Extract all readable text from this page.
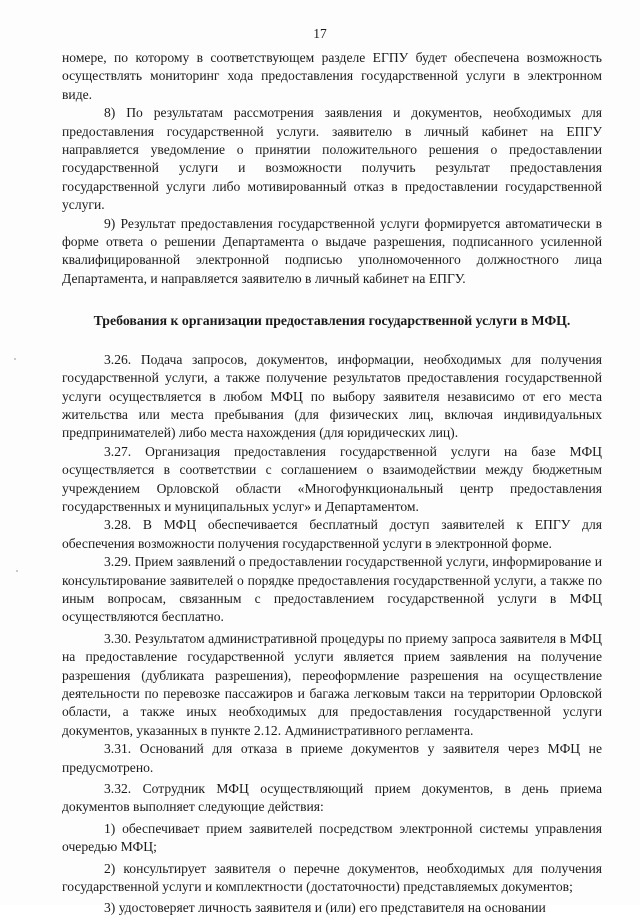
17

номере, по которому в соответствующем разделе ЕГПУ будет обеспечена возможность осуществлять мониторинг хода предоставления государственной услуги в электронном виде.

8) По результатам рассмотрения заявления и документов, необходимых для предоставления государственной услуги. заявителю в личный кабинет на ЕПГУ направляется уведомление о принятии положительного решения о предоставлении государственной услуги и возможности получить результат предоставления государственной услуги либо мотивированный отказ в предоставлении государственной услуги.

9) Результат предоставления государственной услуги формируется автоматически в форме ответа о решении Департамента о выдаче разрешения, подписанного усиленной квалифицированной электронной подписью уполномоченного должностного лица Департамента, и направляется заявителю в личный кабинет на ЕПГУ.

Требования к организации предоставления государственной услуги в МФЦ.

3.26. Подача запросов, документов, информации, необходимых для получения государственной услуги, а также получение результатов предоставления государственной услуги осуществляется в любом МФЦ по выбору заявителя независимо от его места жительства или места пребывания (для физических лиц, включая индивидуальных предпринимателей) либо места нахождения (для юридических лиц).

3.27. Организация предоставления государственной услуги на базе МФЦ осуществляется в соответствии с соглашением о взаимодействии между бюджетным учреждением Орловской области «Многофункциональный центр предоставления государственных и муниципальных услуг» и Департаментом.

3.28. В МФЦ обеспечивается бесплатный доступ заявителей к ЕПГУ для обеспечения возможности получения государственной услуги в электронной форме.

3.29. Прием заявлений о предоставлении государственной услуги, информирование и консультирование заявителей о порядке предоставления государственной услуги, а также по иным вопросам, связанным с предоставлением государственной услуги в МФЦ осуществляются бесплатно.

3.30. Результатом административной процедуры по приему запроса заявителя в МФЦ на предоставление государственной услуги является прием заявления на получение разрешения (дубликата разрешения), переоформление разрешения на осуществление деятельности по перевозке пассажиров и багажа легковым такси на территории Орловской области, а также иных необходимых для предоставления государственной услуги документов, указанных в пункте 2.12. Административного регламента.

3.31. Оснований для отказа в приеме документов у заявителя через МФЦ не предусмотрено.

3.32. Сотрудник МФЦ осуществляющий прием документов, в день приема документов выполняет следующие действия:

1) обеспечивает прием заявителей посредством электронной системы управления очередью МФЦ;

2) консультирует заявителя о перечне документов, необходимых для получения государственной услуги и комплектности (достаточности) представляемых документов;

3) удостоверяет личность заявителя и (или) его представителя на основании
